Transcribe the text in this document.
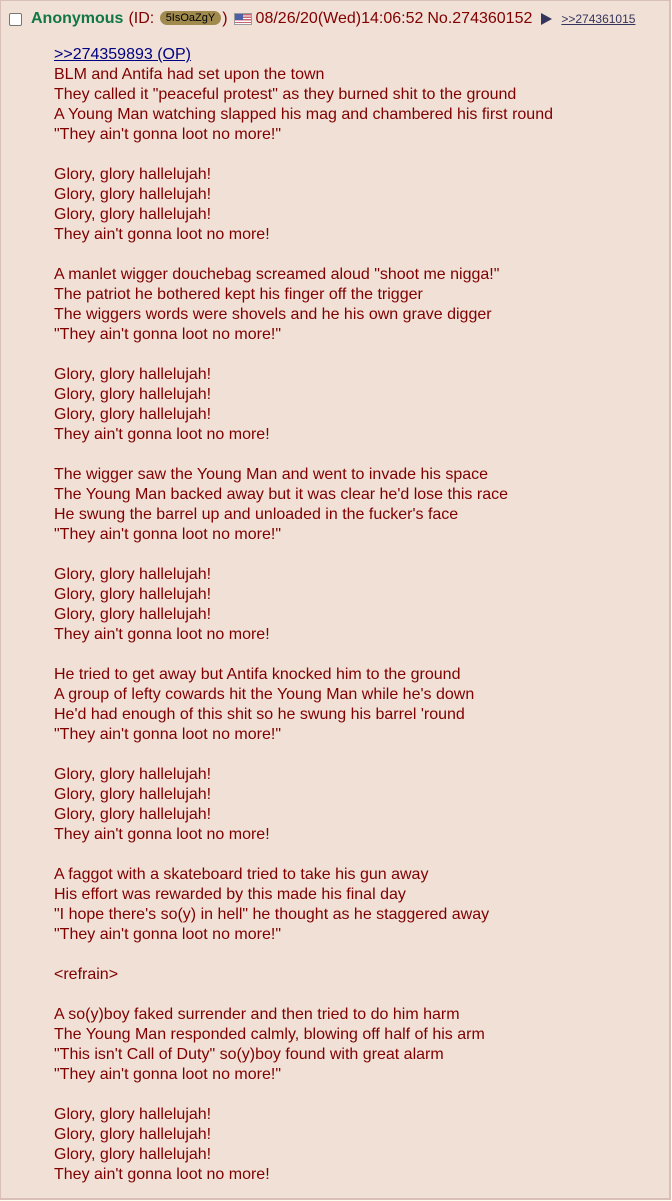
Anonymous (ID: 5IsOaZgY ) 08/26/20(Wed)14:06:52 No.274360152 >>274361015
>>274359893 (OP)
BLM and Antifa had set upon the town
They called it "peaceful protest" as they burned shit to the ground
A Young Man watching slapped his mag and chambered his first round
"They ain't gonna loot no more!"
Glory, glory hallelujah!
Glory, glory hallelujah!
Glory, glory hallelujah!
They ain't gonna loot no more!
A manlet wigger douchebag screamed aloud "shoot me nigga!"
The patriot he bothered kept his finger off the trigger
The wiggers words were shovels and he his own grave digger
"They ain't gonna loot no more!"
Glory, glory hallelujah!
Glory, glory hallelujah!
Glory, glory hallelujah!
They ain't gonna loot no more!
The wigger saw the Young Man and went to invade his space
The Young Man backed away but it was clear he'd lose this race
He swung the barrel up and unloaded in the fucker's face
"They ain't gonna loot no more!"
Glory, glory hallelujah!
Glory, glory hallelujah!
Glory, glory hallelujah!
They ain't gonna loot no more!
He tried to get away but Antifa knocked him to the ground
A group of lefty cowards hit the Young Man while he's down
He'd had enough of this shit so he swung his barrel 'round
"They ain't gonna loot no more!"
Glory, glory hallelujah!
Glory, glory hallelujah!
Glory, glory hallelujah!
They ain't gonna loot no more!
A faggot with a skateboard tried to take his gun away
His effort was rewarded by this made his final day
"I hope there's so(y) in hell" he thought as he staggered away
"They ain't gonna loot no more!"
<refrain>
A so(y)boy faked surrender and then tried to do him harm
The Young Man responded calmly, blowing off half of his arm
"This isn't Call of Duty" so(y)boy found with great alarm
"They ain't gonna loot no more!"
Glory, glory hallelujah!
Glory, glory hallelujah!
Glory, glory hallelujah!
They ain't gonna loot no more!
